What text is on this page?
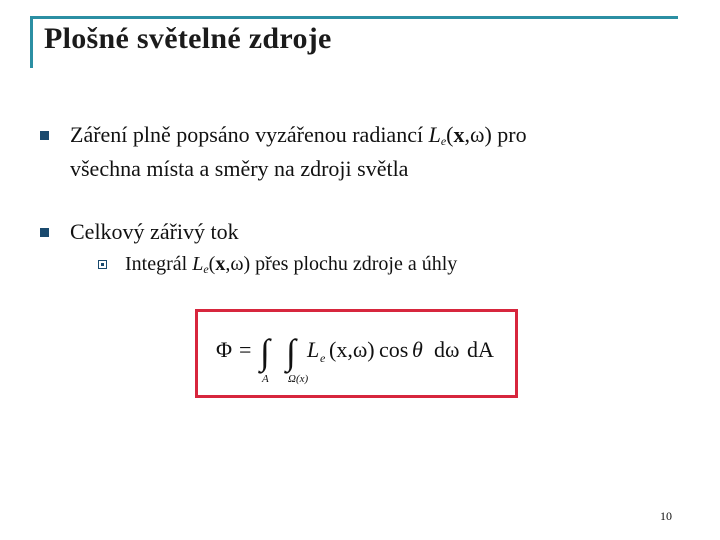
Plošné světelné zdroje
Záření plně popsáno vyzářenou radiancí $L_e(x,\omega)$ pro
všechna místa a směry na zdroji světla
Celkový zářivý tok
Integrál $L_e(x,\omega)$ přes plochu zdroje a úhly
Φ = ∫
A
∫
Ω(x)
L e (x,ω) cos θ dω dA
10
